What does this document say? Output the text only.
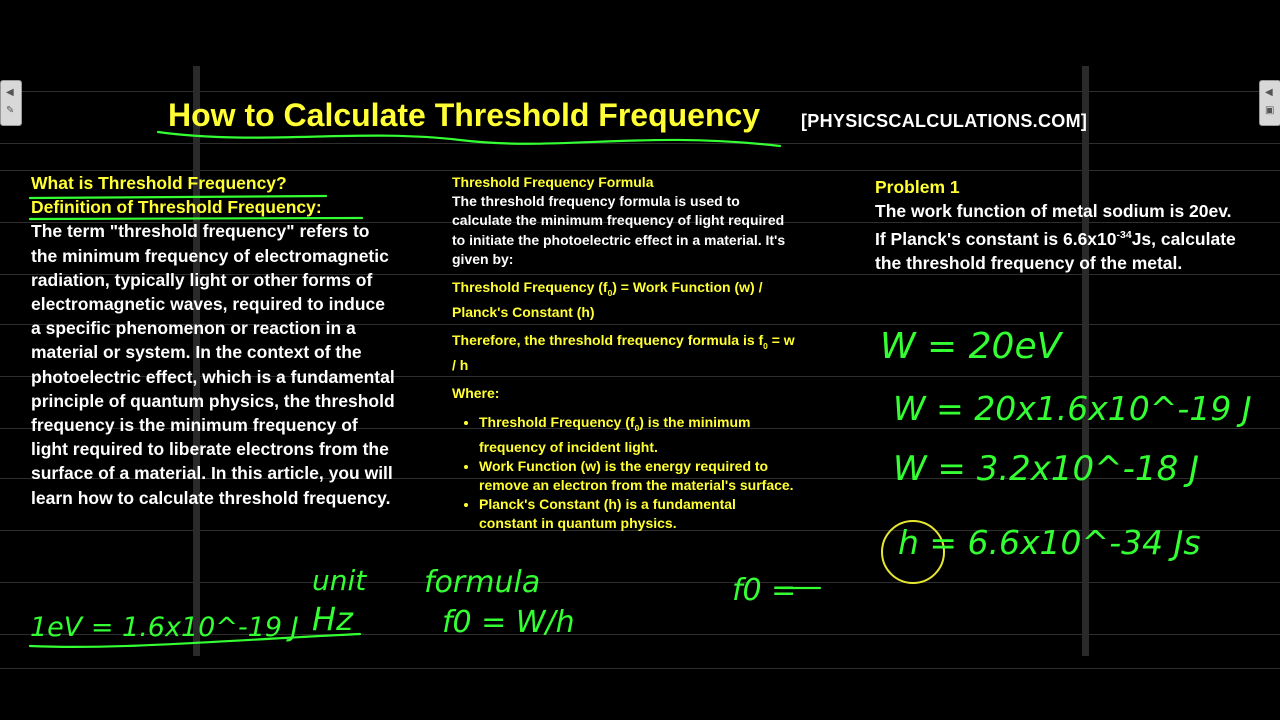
◀
✎
◀
▣
How to Calculate Threshold Frequency [PHYSICSCALCULATIONS.COM]
What is Threshold Frequency?
Definition of Threshold Frequency:
The term "threshold frequency" refers to the minimum frequency of electromagnetic radiation, typically light or other forms of electromagnetic waves, required to induce a specific phenomenon or reaction in a material or system. In the context of the photoelectric effect, which is a fundamental principle of quantum physics, the threshold frequency is the minimum frequency of light required to liberate electrons from the surface of a material. In this article, you will learn how to calculate threshold frequency.
Threshold Frequency Formula

The threshold frequency formula is used to calculate the minimum frequency of light required to initiate the photoelectric effect in a material. It's given by:

Threshold Frequency $(f_0)$ = Work Function (w) / Planck's Constant (h)

Therefore, the threshold frequency formula is $f_0 = w / h$

Where:
• Threshold Frequency $(f_0)$ is the minimum frequency of incident light.
• Work Function (w) is the energy required to remove an electron from the material's surface.
• Planck's Constant (h) is a fundamental constant in quantum physics.
Problem 1
The work function of metal sodium is 20ev. If Planck's constant is $6.6x10^{-34}Js$, calculate the threshold frequency of the metal.
1eV = 1.6x10^-19 J
unit
Hz
formula
f0 = W/h
f0 =
W = 20eV
W = 20x1.6x10^-19 J
W = 3.2x10^-18 J
h = 6.6x10^-34 Js
